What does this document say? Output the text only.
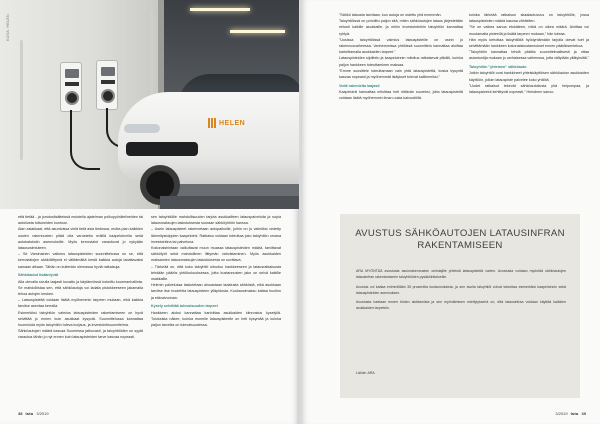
HELEN
KUVA: HELEN

että tietää - ja jonotuslisätteissä muistella ajatelman polkupyörätelineiden tai autoilusta tottuneiden kuntoon.

Alan asiakkaat, että asuntoissa vielä tietä asia tiedossa, mutta pian kaikkien uusien rakennusten pitää olla varustettu eräillä kaapeloinnilla sekä autokatoksiin asennuksille. Myös kerrostalot varautuvat jo nykyään latausvalmiuteen.

– Se Varsinainen vaikeus latauspisteiden suunnittelussa on se, että kerrostalojen sähköliittymä ei välttämättä kestä kaikkia autoja ladattavaksi samaan aikaan. Tähän on kuitenkin olemassa hyviä ratkaisuja.

Sähköautot lisääntyvät

Alla olevalla sivulla laajasti kuvattu ja käytännössä kokeiltu kuormanhallinta. Se mahdollistaa sen, että sähköautoja voi ladata pistokkeeseen jakamalla tehoa autojen kesken.

– Latauspisteitä voidaan lisätä myöhemmin tarpeen mukaan, eikä kaikkia tarvitse asentaa kerralla.

Esimerkiksi taloyhtiön valmius latauspisteiden rakentamiseen on hyvä selvittää jo ennen kuin asukkaat kysyvät. Suunnittelussa kannattaa huomioida myös taloyhtiön tuleva korjaus- ja investointisuunnitelma.

Sähköautojen määrä kasvaa Suomessa jatkuvasti, ja taloyhtiöiden on syytä varautua tähän jo nyt ennen kuin latauspisteiden tarve kasvaa nopeasti.

sen taloyhtiöille mahdollisuuden tarjota asukkailleen latauspalveluita ja sopia latausmaksujen laskutuksesta suoraan sähköyhtiön kanssa.

– Usein latauspisteet rakennetaan autopaikoille, joihin on jo valmiiksi vedetty lämmitystolppien kaapelointi. Ratkaisu voidaan toteuttaa joko taloyhtiön omana investointina tai palveluna.

Kokonaishintaan vaikuttavat muun muassa latauspisteiden määrä, tarvittavat sähkötyöt sekä mahdollinen liittymän vahvistaminen. Myös asukkaiden maksamien latausmaksujen laskutuksesta on sovittava.

– Tärkeää on, että koko taloyhtiö sitoutuu hankkeeseen ja latausratkaisusta tehdään päätös yhtiökokouksessa, jotta kustannusten jako on selvä kaikille osakkaille.

Helenin palvelussa laskutetaan ainoastaan ladatusta sähköstä, eikä asukkaan tarvitse itse huolehtia latauspisteen ylläpidosta. Kuukausimaksu kattaa huollon ja etävalvonnan.

Kysely selvittää tulevaisuuden tarpeet

Hankkeen aluksi kannattaa kartoittaa asukkaiden kiinnostus kyselyllä. Tuloksista näkee, kuinka monelle latauspisteelle on heti kysyntää ja kuinka paljon tarvetta on tulevaisuudessa.

38 Isto 3/2019

"Sähkö latausta tarvitaan, kun autoja on ostettu yhä enemmän.

Taloyhtiöissä on pohdittu paljon sitä, miten sähköautojen lataus järjestetään reilusti kaikille asukkaille, ja mihin investointeihin taloyhtiön kannattaa ryhtyä.

"Uusissa taloyhtiöissä valmius latauspisteille on usein jo rakennusvaiheessa. Vanhemmissa yhtiöissä suunnittelu kannattaa aloittaa kartoittamalla asukkaiden tarpeet."

Latauspisteiden sijoittelu ja kaapeloinnin mitoitus ratkaisevat pitkälti, kuinka paljon hankkeen toteuttaminen maksaa.

"Emme suosittele toteuttamaan vain yhtä latauspistettä, koska kysyntä kasvaa nopeasti ja myöhemmät lisäykset tulevat kalliimmiksi."

Vedä rakenteita laajasti

Kaapelointi kannattaa mitoittaa heti riittävän suureksi, jotta latauspisteitä voidaan lisätä myöhemmin ilman uusia kaivuutöitä.

kuinka tärkeää ratkaisun skaalautuvuus on taloyhtiölle, jossa latauspisteiden määrä kasvaa vähitellen.

"Se on vaikea sanoa etukäteen, mikä on oikea määrä. Aloittaa voi muutamalla pisteellä ja lisätä tarpeen mukaan," hän toteaa.

Hän myös kehottaa taloyhtiöitä hyödyntämään tarjolla olevat tuet ja selvittämään hankkeen kokonaiskustannukset ennen päätöksentekoa.

"Taloyhtiön kannattaa tehdä päätös suunnitelmallisesti ja ottaa asiantuntija mukaan jo varhaisessa vaiheessa, jotta vältytään yllätyksiltä."

Taloyhtiön "yhteinen" sähköauto

Jotkin taloyhtiöt ovat hankkineet yhteiskäyttöisen sähköauton asukkaiden käyttöön, jolloin latauspiste palvelee koko yhtiötä.

"Uudet ratkaisut tekevät sähköautoilusta yhä helpompaa, ja latauspalvelut kehittyvät nopeasti," Heinänen sanoo.

3/2019 Isto 39
AVUSTUS SÄHKÖAUTOJEN LATAUSINFRAN RAKENTAMISEEN

ARA MYÖNTÄÄ avustusta asuinrakennusten omistajille yhteisiä latauspisteitä varten. Avustusta voidaan myöntää sähköautojen latausinfran rakentamiseen taloyhtiöiden pysäköintialueille.

Avustus voi kattaa enimmillään 35 prosenttia kustannuksista, ja sen avulla taloyhtiöt voivat toteuttaa esimerkiksi kaapeloinnin sekä latauspisteiden asennuksen.

Avustusta haetaan ennen töiden aloittamista ja sen myöntämisen edellytyksenä on, että latausinfraa voidaan käyttää kaikkien asukkaiden tarpeisiin.

Lähde: ARA
